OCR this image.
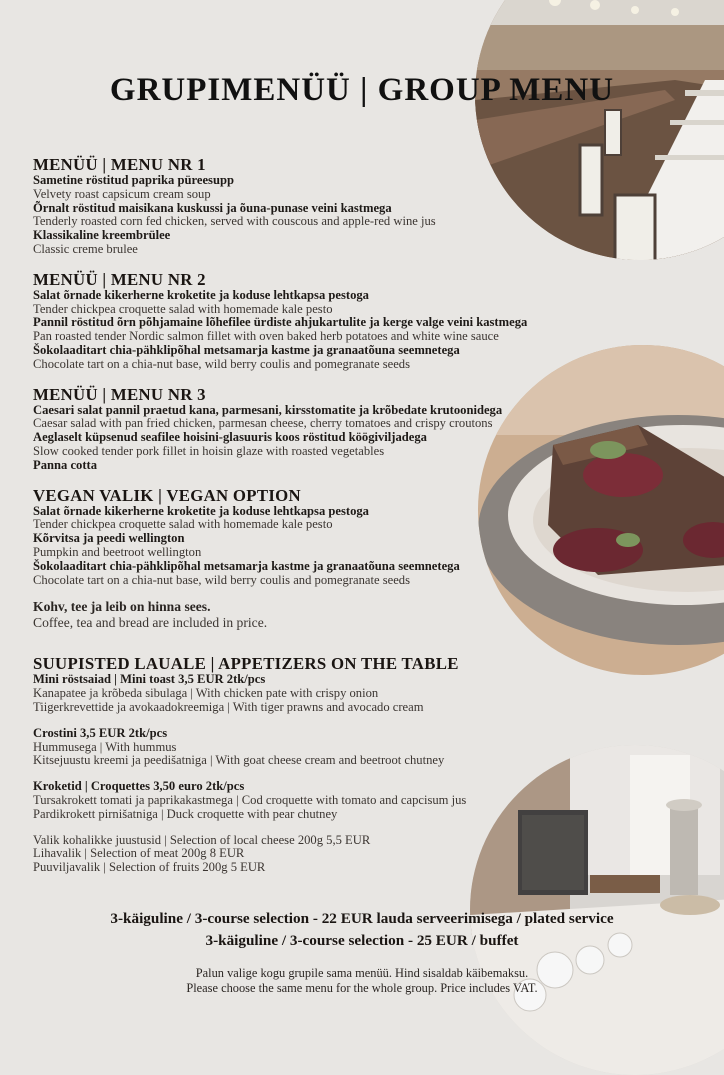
GRUPIMENÜÜ | GROUP MENU
MENÜÜ | MENU NR 1
Sametine röstitud paprika püreesupp
Velvety roast capsicum cream soup
Õrnalt röstitud maisikana kuskussi ja õuna-punase veini kastmega
Tenderly roasted corn fed chicken, served with couscous and apple-red wine jus
Klassikaline kreembrülee
Classic creme brulee
MENÜÜ | MENU NR 2
Salat õrnade kikerherne kroketite ja koduse lehtkapsa pestoga
Tender chickpea croquette salad with homemade kale pesto
Pannil röstitud õrn põhjamaine lõhefilee ürdiste ahjukartulite ja kerge valge veini kastmega
Pan roasted tender Nordic salmon fillet with oven baked herb potatoes and white wine sauce
Šokolaaditart chia-pähklipõhal metsamarja kastme ja granaatõuna seemnetega
Chocolate tart on a chia-nut base, wild berry coulis and pomegranate seeds
MENÜÜ | MENU NR 3
Caesari salat pannil praetud kana, parmesani, kirsstomatite ja krõbedate krutoonidega
Caesar salad with pan fried chicken, parmesan cheese, cherry tomatoes and crispy croutons
Aeglaselt küpsenud seafilee hoisini-glasuuris koos röstitud köögiviljadega
Slow cooked tender pork fillet in hoisin glaze with roasted vegetables
Panna cotta
VEGAN VALIK | VEGAN OPTION
Salat õrnade kikerherne kroketite ja koduse lehtkapsa pestoga
Tender chickpea croquette salad with homemade kale pesto
Kõrvitsa ja peedi wellington
Pumpkin and beetroot wellington
Šokolaaditart chia-pähklipõhal metsamarja kastme ja granaatõuna seemnetega
Chocolate tart on a chia-nut base, wild berry coulis and pomegranate seeds
Kohv, tee ja leib on hinna sees.
Coffee, tea and bread are included in price.
SUUPISTED LAUALE | APPETIZERS ON THE TABLE
Mini röstsaiad | Mini toast 3,5 EUR 2tk/pcs
Kanapatee ja krõbeda sibulaga | With chicken pate with crispy onion
Tiigerkrevettide ja avokaadokreemiga | With tiger prawns and avocado cream
Crostini 3,5 EUR 2tk/pcs
Hummusega | With hummus
Kitsejuustu kreemi ja peedišatniga | With goat cheese cream and beetroot chutney
Kroketid | Croquettes 3,50 euro 2tk/pcs
Tursakrokett tomati ja paprikakastmega | Cod croquette with tomato and capcisum jus
Pardikrokett pirnišatniga | Duck croquette with pear chutney
Valik kohalikke juustusid | Selection of local cheese 200g 5,5 EUR
Lihavalik | Selection of meat 200g 8 EUR
Puuviljavalik | Selection of fruits 200g 5 EUR
3-käiguline / 3-course selection - 22 EUR lauda serveerimisega / plated service
3-käiguline / 3-course selection - 25 EUR / buffet
Palun valige kogu grupile sama menüü. Hind sisaldab käibemaksu.
Please choose the same menu for the whole group. Price includes VAT.
